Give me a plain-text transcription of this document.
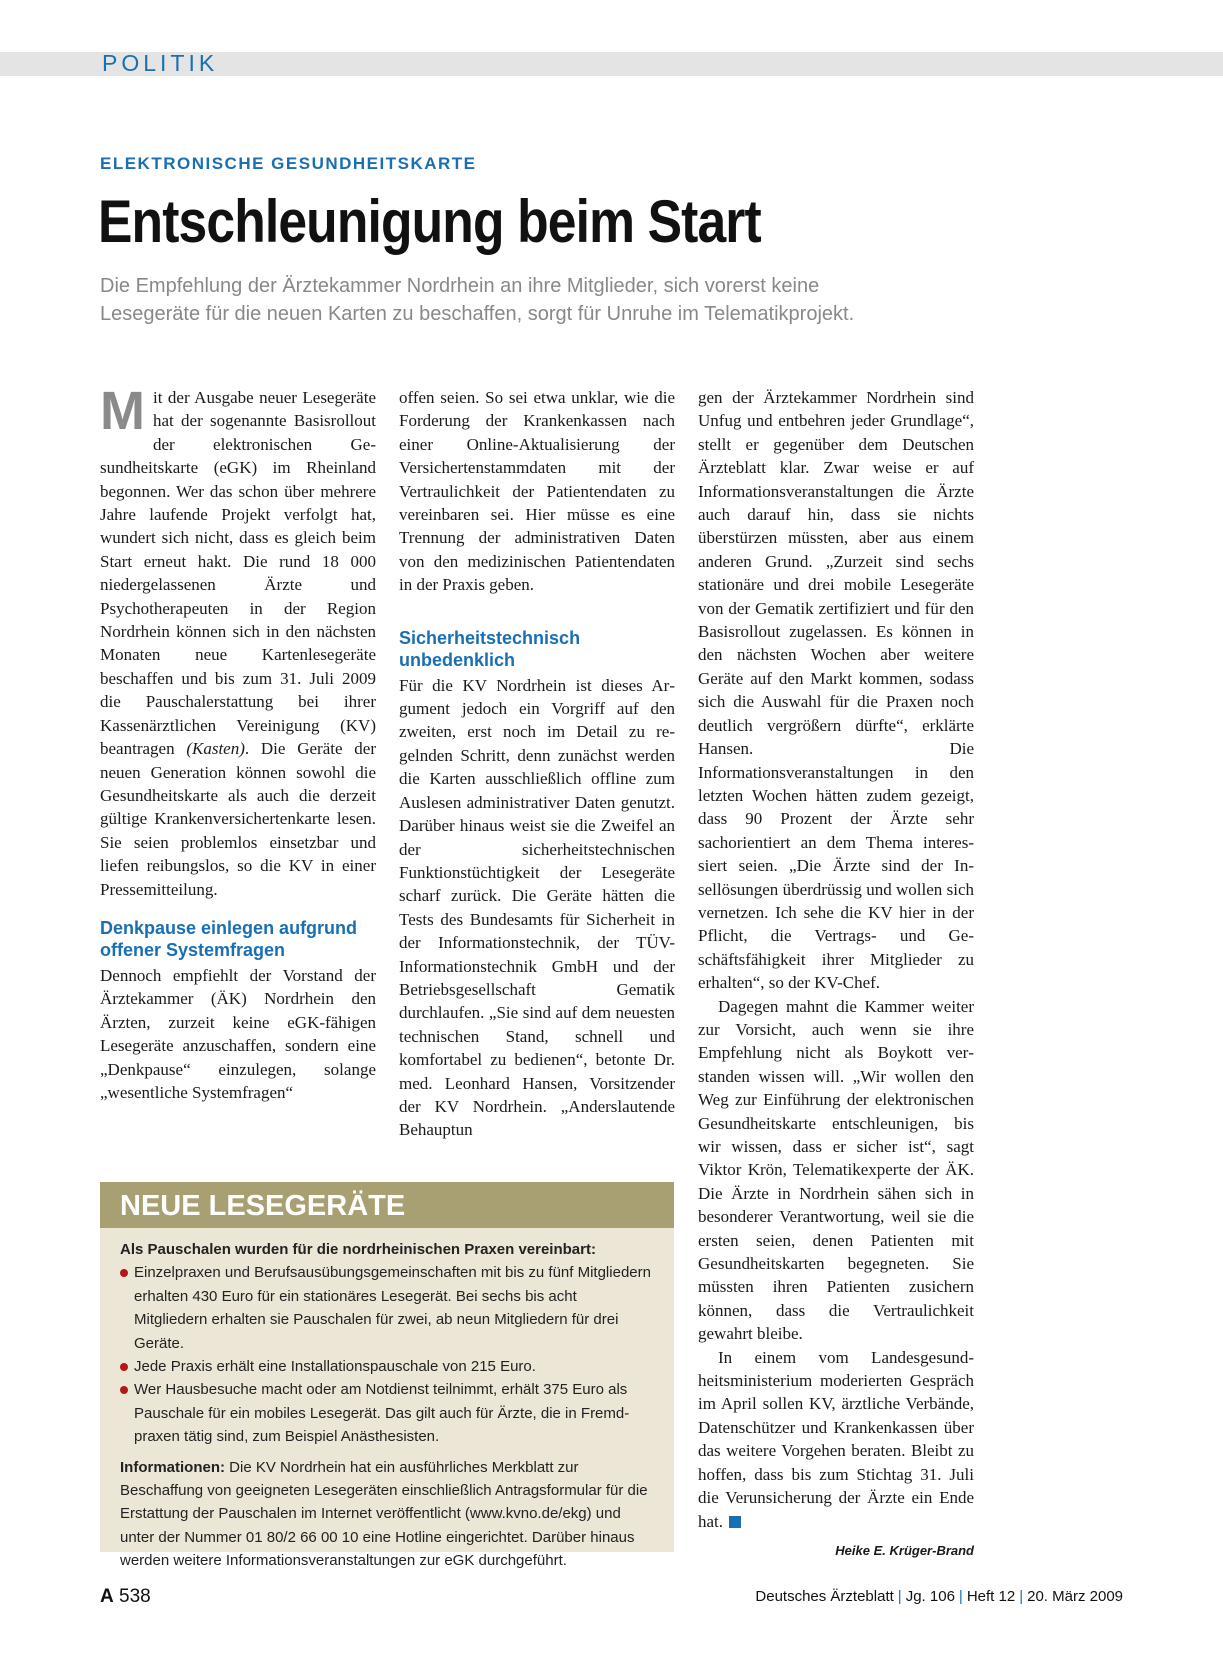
POLITIK
ELEKTRONISCHE GESUNDHEITSKARTE
Entschleunigung beim Start
Die Empfehlung der Ärztekammer Nordrhein an ihre Mitglieder, sich vorerst keine
Lesegeräte für die neuen Karten zu beschaffen, sorgt für Unruhe im Telematikprojekt.

Mit der Ausgabe neuer Lesegeräte hat der sogenannte Basisrollout der elektronischen Gesundheitskarte (eGK) im Rheinland begonnen. Wer das schon über mehrere Jahre laufende Projekt verfolgt hat, wundert sich nicht, dass es gleich beim Start erneut hakt. Die rund 18 000 niedergelassenen Ärzte und Psychotherapeuten in der Region Nordrhein können sich in den nächsten Monaten neue Kartenlesegeräte beschaffen und bis zum 31. Juli 2009 die Pauschalerstattung bei ihrer Kassenärztlichen Vereinigung (KV) beantragen (Kasten). Die Geräte der neuen Generation können sowohl die Gesundheitskarte als auch die derzeit gültige Krankenversichertenkarte lesen. Sie seien problemlos einsetzbar und liefen reibungslos, so die KV in einer Pressemitteilung.

Denkpause einlegen aufgrund offener Systemfragen

Dennoch empfiehlt der Vorstand der Ärztekammer (ÄK) Nordrhein den Ärzten, zurzeit keine eGK-fähigen Lesegeräte anzuschaffen, sondern eine „Denkpause“ einzulegen, solange „wesentliche Systemfragen“

offen seien. So sei etwa unklar, wie die Forderung der Krankenkassen nach einer Online-Aktualisierung der Versichertenstammdaten mit der Vertraulichkeit der Patientendaten zu vereinbaren sei. Hier müsse es eine Trennung der administrativen Daten von den medizinischen Patientendaten in der Praxis geben.

Sicherheitstechnisch unbedenklich

Für die KV Nordrhein ist dieses Argument jedoch ein Vorgriff auf den zweiten, erst noch im Detail zu regelnden Schritt, denn zunächst werden die Karten ausschließlich offline zum Auslesen administrativer Daten genutzt. Darüber hinaus weist sie die Zweifel an der sicherheitstechnischen Funktionstüchtigkeit der Lesegeräte scharf zurück. Die Geräte hätten die Tests des Bundesamts für Sicherheit in der Informationstechnik, der TÜV-Informationstechnik GmbH und der Betriebsgesellschaft Gematik durchlaufen. „Sie sind auf dem neuesten technischen Stand, schnell und komfortabel zu bedienen“, betonte Dr. med. Leonhard Hansen, Vorsitzender der KV Nordrhein. „Anderslautende Behauptun

gen der Ärztekammer Nordrhein sind Unfug und entbehren jeder Grundlage“, stellt er gegenüber dem Deutschen Ärzteblatt klar. Zwar weise er auf Informationsveranstaltungen die Ärzte auch darauf hin, dass sie nichts überstürzen müssten, aber aus einem anderen Grund. „Zurzeit sind sechs stationäre und drei mobile Lesegeräte von der Gematik zertifiziert und für den Basisrollout zugelassen. Es können in den nächsten Wochen aber weitere Geräte auf den Markt kommen, sodass sich die Auswahl für die Praxen noch deutlich vergrößern dürfte“, erklärte Hansen. Die Informationsveranstaltungen in den letzten Wochen hätten zudem gezeigt, dass 90 Prozent der Ärzte sehr sachorientiert an dem Thema interessiert seien. „Die Ärzte sind der Insellösungen überdrüssig und wollen sich vernetzen. Ich sehe die KV hier in der Pflicht, die Vertrags- und Geschäftsfähigkeit ihrer Mitglieder zu erhalten“, so der KV-Chef.

Dagegen mahnt die Kammer weiter zur Vorsicht, auch wenn sie ihre Empfehlung nicht als Boykott verstanden wissen will. „Wir wollen den Weg zur Einführung der elektronischen Gesundheitskarte entschleunigen, bis wir wissen, dass er sicher ist“, sagt Viktor Krön, Telematikexperte der ÄK. Die Ärzte in Nordrhein sähen sich in besonderer Verantwortung, weil sie die ersten seien, denen Patienten mit Gesundheitskarten begegneten. Sie müssten ihren Patienten zusichern können, dass die Vertraulichkeit gewahrt bleibe.

In einem vom Landesgesundheitsministerium moderierten Gespräch im April sollen KV, ärztliche Verbände, Datenschützer und Krankenkassen über das weitere Vorgehen beraten. Bleibt zu hoffen, dass bis zum Stichtag 31. Juli die Verunsicherung der Ärzte ein Ende hat.

Heike E. Krüger-Brand

NEUE LESEGERÄTE
Als Pauschalen wurden für die nordrheinischen Praxen vereinbart:
Einzelpraxen und Berufsausübungsgemeinschaften mit bis zu fünf Mitgliedern erhalten 430 Euro für ein stationäres Lesegerät. Bei sechs bis acht Mitgliedern erhalten sie Pauschalen für zwei, ab neun Mitgliedern für drei Geräte.
Jede Praxis erhält eine Installationspauschale von 215 Euro.
Wer Hausbesuche macht oder am Notdienst teilnimmt, erhält 375 Euro als Pauschale für ein mobiles Lesegerät. Das gilt auch für Ärzte, die in Fremdpraxen tätig sind, zum Beispiel Anästhesisten.
Informationen: Die KV Nordrhein hat ein ausführliches Merkblatt zur Beschaffung von geeigneten Lesegeräten einschließlich Antragsformular für die Erstattung der Pauschalen im Internet veröffentlicht (www.kvno.de/ekg) und unter der Nummer 01 80/2 66 00 10 eine Hotline eingerichtet. Darüber hinaus werden weitere Informationsveranstaltungen zur eGK durchgeführt.
A 538	Deutsches Ärzteblatt | Jg. 106 | Heft 12 | 20. März 2009
